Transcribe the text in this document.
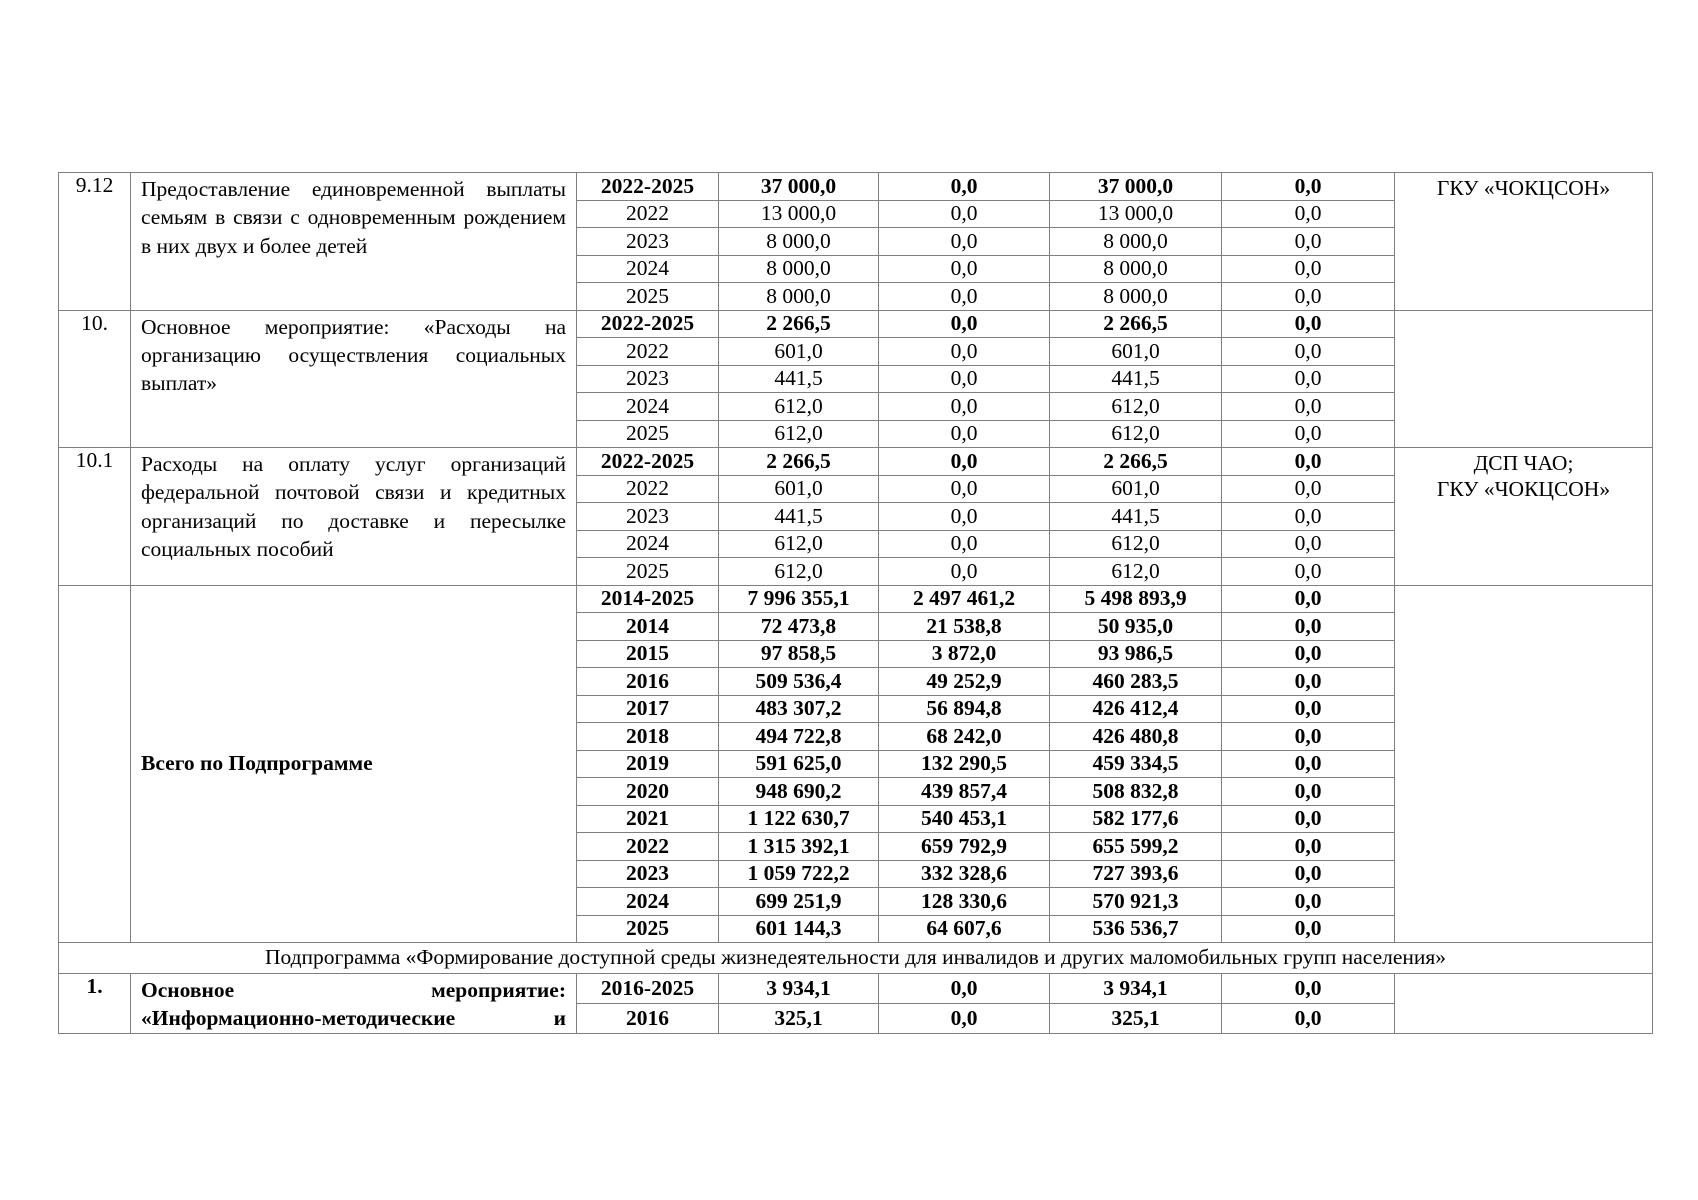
9.12	Предоставление единовременной выплаты семьям в связи с одновременным рождением в них двух и более детей	2022-2025	37 000,0	0,0	37 000,0	0,0	ГКУ «ЧОКЦСОН»

		2022	13 000,0	0,0	13 000,0	0,0	
		2023	8 000,0	0,0	8 000,0	0,0	
		2024	8 000,0	0,0	8 000,0	0,0	
		2025	8 000,0	0,0	8 000,0	0,0	
10.	Основное мероприятие: «Расходы на организацию осуществления социальных выплат»	2022-2025	2 266,5	0,0	2 266,5	0,0	
		2022	601,0	0,0	601,0	0,0	
		2023	441,5	0,0	441,5	0,0	
		2024	612,0	0,0	612,0	0,0	
		2025	612,0	0,0	612,0	0,0	
10.1	Расходы на оплату услуг организаций федеральной почтовой связи и кредитных организаций по доставке и пересылке социальных пособий	2022-2025	2 266,5	0,0	2 266,5	0,0	ДСП ЧАО;
ГКУ «ЧОКЦСОН»

		2022	601,0	0,0	601,0	0,0	
		2023	441,5	0,0	441,5	0,0	
		2024	612,0	0,0	612,0	0,0	
		2025	612,0	0,0	612,0	0,0	
	Всего по Подпрограмме	2014-2025	7 996 355,1	2 497 461,2	5 498 893,9	0,0	
		2014	72 473,8	21 538,8	50 935,0	0,0	
		2015	97 858,5	3 872,0	93 986,5	0,0	
		2016	509 536,4	49 252,9	460 283,5	0,0	
		2017	483 307,2	56 894,8	426 412,4	0,0	
		2018	494 722,8	68 242,0	426 480,8	0,0	
		2019	591 625,0	132 290,5	459 334,5	0,0	
		2020	948 690,2	439 857,4	508 832,8	0,0	
		2021	1 122 630,7	540 453,1	582 177,6	0,0	
		2022	1 315 392,1	659 792,9	655 599,2	0,0	
		2023	1 059 722,2	332 328,6	727 393,6	0,0	
		2024	699 251,9	128 330,6	570 921,3	0,0	
		2025	601 144,3	64 607,6	536 536,7	0,0	
Подпрограмма «Формирование доступной среды жизнедеятельности для инвалидов и других маломобильных групп населения»							
1.	Основное мероприятие:
«Информационно-методические и	2016-2025	3 934,1	0,0	3 934,1	0,0	
		2016	325,1	0,0	325,1	0,0	
